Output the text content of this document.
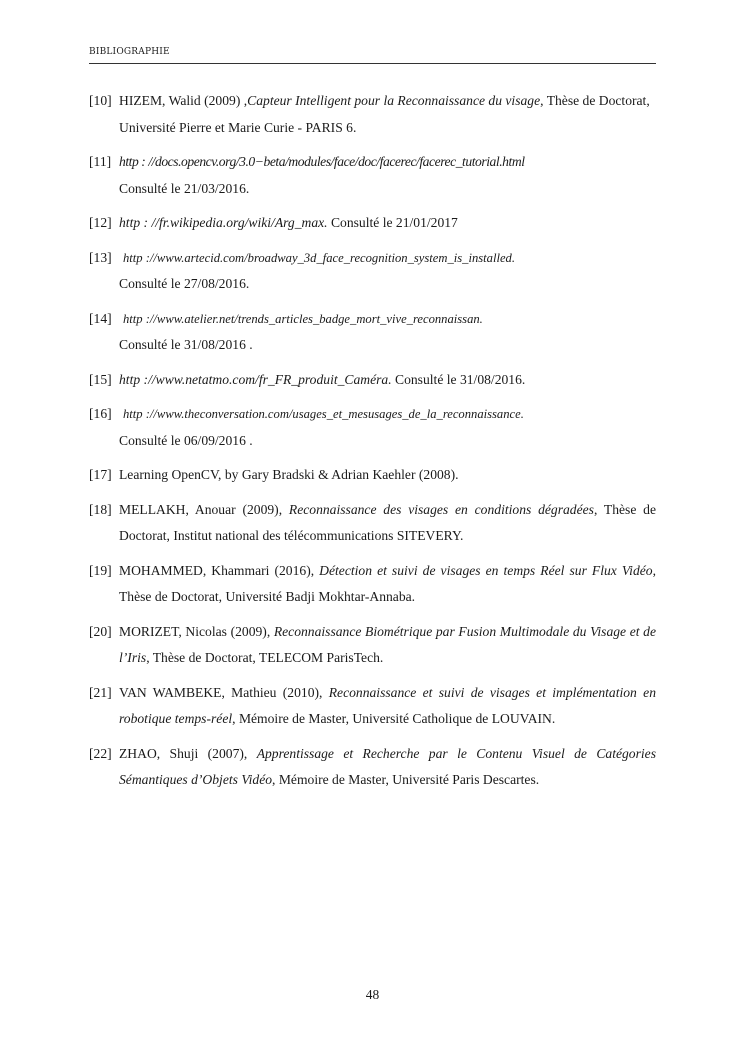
BIBLIOGRAPHIE
[10] HIZEM, Walid (2009) ,Capteur Intelligent pour la Reconnaissance du visage, Thèse de Doctorat, Université Pierre et Marie Curie - PARIS 6.
[11] http : //docs.opencv.org/3.0−beta/modules/face/doc/facerec/facerec_tutorial.html
Consulté le 21/03/2016.
[12] http : //fr.wikipedia.org/wiki/Arg_max. Consulté le 21/01/2017
[13] http ://www.artecid.com/broadway_3d_face_recognition_system_is_installed.
Consulté le 27/08/2016.
[14] http ://www.atelier.net/trends_articles_badge_mort_vive_reconnaissan.
Consulté le 31/08/2016 .
[15] http ://www.netatmo.com/fr_FR_produit_Caméra. Consulté le 31/08/2016.
[16] http ://www.theconversation.com/usages_et_mesusages_de_la_reconnaissance.
Consulté le 06/09/2016 .
[17] Learning OpenCV, by Gary Bradski & Adrian Kaehler (2008).
[18] MELLAKH, Anouar (2009), Reconnaissance des visages en conditions dégradées, Thèse de Doctorat, Institut national des télécommunications SITEVERY.
[19] MOHAMMED, Khammari (2016), Détection et suivi de visages en temps Réel sur Flux Vidéo, Thèse de Doctorat, Université Badji Mokhtar-Annaba.
[20] MORIZET, Nicolas (2009), Reconnaissance Biométrique par Fusion Multimodale du Visage et de l’Iris, Thèse de Doctorat, TELECOM ParisTech.
[21] VAN WAMBEKE, Mathieu (2010), Reconnaissance et suivi de visages et implémentation en robotique temps-réel, Mémoire de Master, Université Catholique de LOUVAIN.
[22] ZHAO, Shuji (2007), Apprentissage et Recherche par le Contenu Visuel de Catégories Sémantiques d’Objets Vidéo, Mémoire de Master, Université Paris Descartes.
48
